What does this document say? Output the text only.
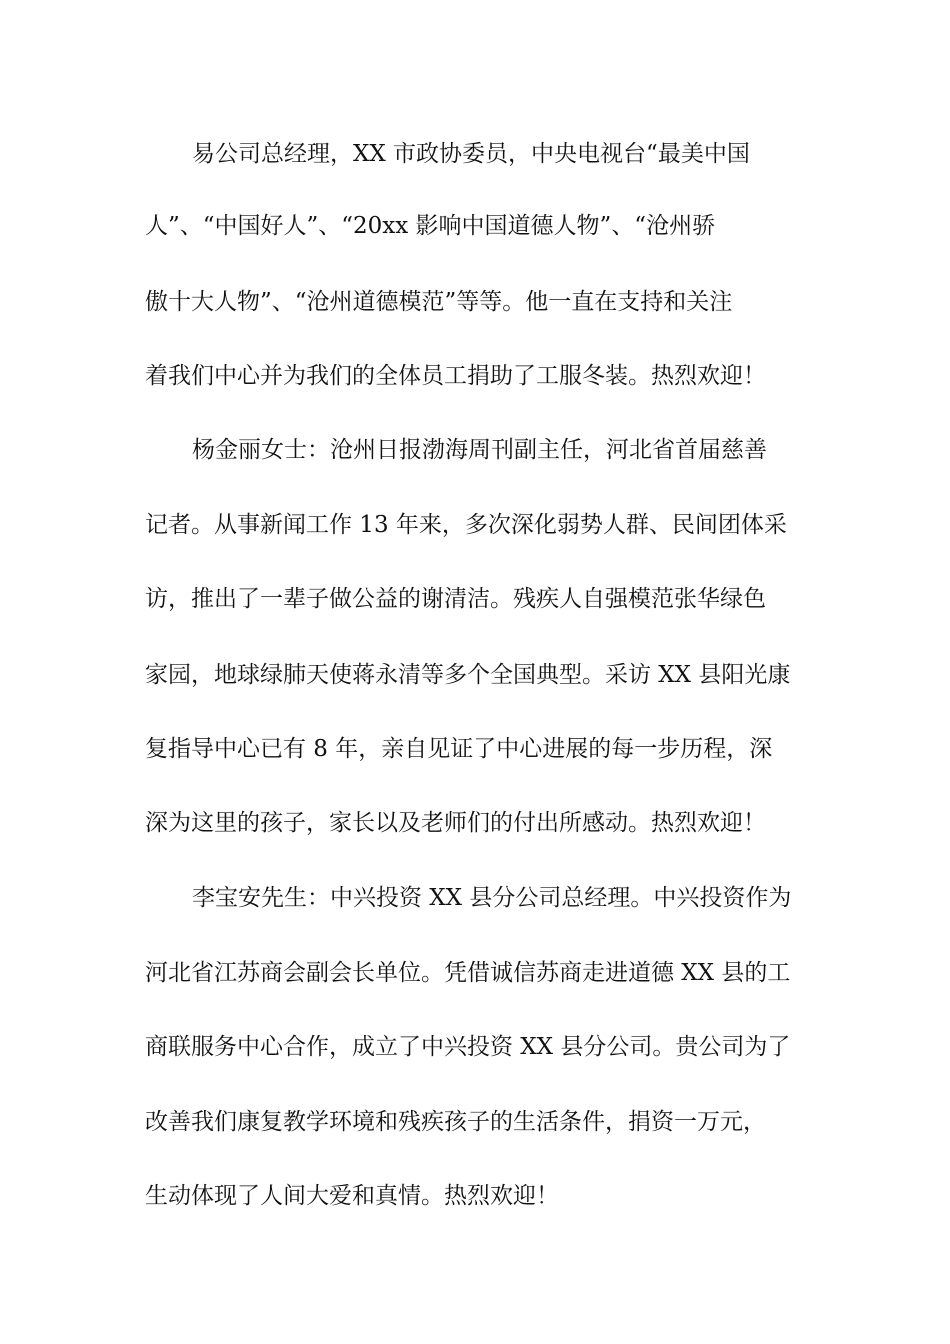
易公司总经理，XX 市政协委员，中央电视台“最美中国
人”、“中国好人”、“20xx 影响中国道德人物”、“沧州骄
傲十大人物”、“沧州道德模范”等等。他一直在支持和关注
着我们中心并为我们的全体员工捐助了工服冬装。热烈欢迎！
杨金丽女士：沧州日报渤海周刊副主任，河北省首届慈善
记者。从事新闻工作 13 年来，多次深化弱势人群、民间团体采
访，推出了一辈子做公益的谢清洁。残疾人自强模范张华绿色
家园，地球绿肺天使蒋永清等多个全国典型。采访 XX 县阳光康
复指导中心已有 8 年，亲自见证了中心进展的每一步历程，深
深为这里的孩子，家长以及老师们的付出所感动。热烈欢迎！
李宝安先生：中兴投资 XX 县分公司总经理。中兴投资作为
河北省江苏商会副会长单位。凭借诚信苏商走进道德 XX 县的工
商联服务中心合作，成立了中兴投资 XX 县分公司。贵公司为了
改善我们康复教学环境和残疾孩子的生活条件，捐资一万元，
生动体现了人间大爱和真情。热烈欢迎！
